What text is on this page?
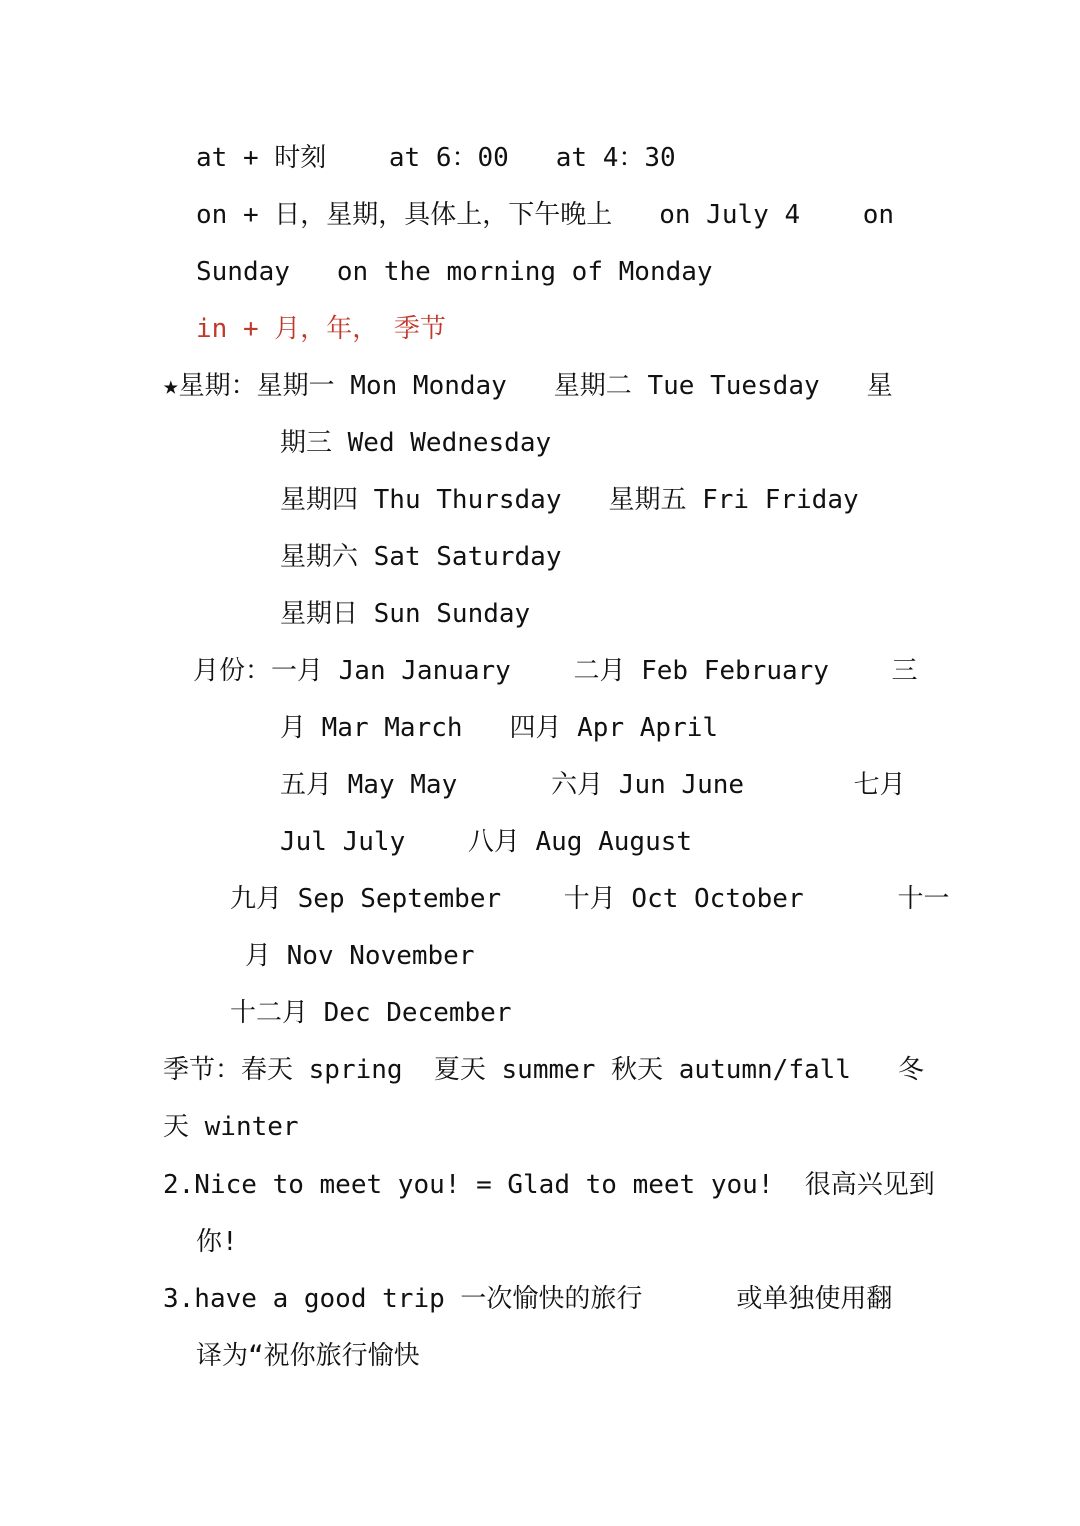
at + 时刻    at 6：00   at 4：30
on + 日，星期，具体上，下午晚上   on July 4    on
Sunday   on the morning of Monday
in + 月，年， 季节
★星期：星期一 Mon Monday   星期二 Tue Tuesday   星
期三 Wed Wednesday
星期四 Thu Thursday   星期五 Fri Friday
星期六 Sat Saturday
星期日 Sun Sunday
月份：一月 Jan January    二月 Feb February    三
月 Mar March   四月 Apr April
五月 May May      六月 Jun June       七月
Jul July    八月 Aug August
九月 Sep September    十月 Oct October      十一
月 Nov November
十二月 Dec December
季节：春天 spring  夏天 summer 秋天 autumn/fall   冬
天 winter
2.Nice to meet you! = Glad to meet you!  很高兴见到
你!
3.have a good trip 一次愉快的旅行      或单独使用翻
译为“祝你旅行愉快
